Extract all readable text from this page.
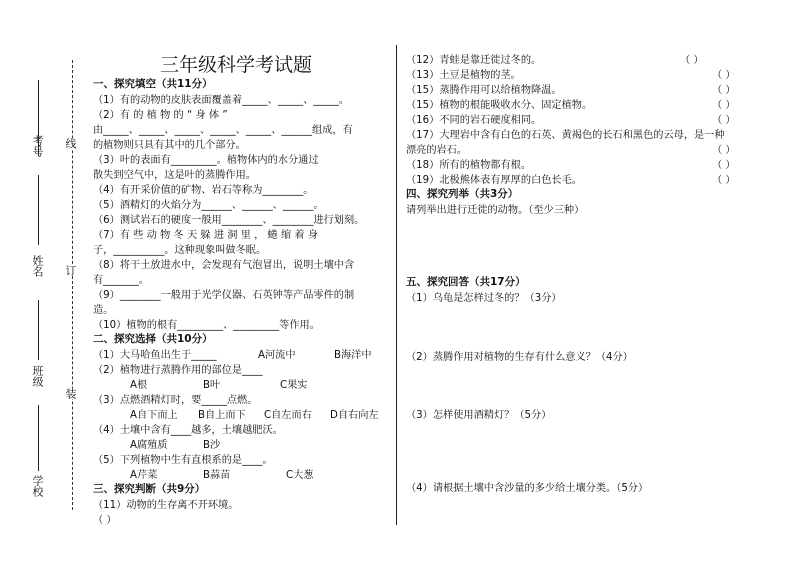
考号
姓名
班级
学校
线
订
装
三年级科学考试题
一、探究填空（共11分）
（1）有的动物的皮肤表面覆盖着_____、_____、_____。
（2）有 的 植 物 的 “ 身 体 ”
由_____、_____、_____、_____、_____、______组成，有
的植物则只具有其中的几个部分。
（3）叶的表面有_________。植物体内的水分通过
散失到空气中，这是叶的蒸腾作用。
（4）有开采价值的矿物、岩石等称为________。
（5）酒精灯的火焰分为______、______、______。
（6）测试岩石的硬度一般用________、________进行划刻。
（7）有 些 动 物 冬 天 躲 进 洞 里 ， 蜷 缩 着 身
子，__________。这种现象叫做冬眠。
（8）将干土放进水中，会发现有气泡冒出，说明土壤中含
有_______。
（9）________一般用于光学仪器、石英钟等产品零件的制
造。
（10）植物的根有_________、_________等作用。
二、探究选择（共10分）
（1）大马哈鱼出生于_____	A河流中	B海洋中
（2）植物进行蒸腾作用的部位是____
A根	B叶	C果实
（3）点燃酒精灯时，要_____点燃。
A自下而上 B自上而下 C自左而右 D自右向左
（4）土壤中含有____越多，土壤越肥沃。
A腐殖质	B沙
（5）下列植物中生有直根系的是____。
A芹菜	B蒜苗	C大葱
三、探究判断（共9分）
（11）动物的生存离不开环境。
（ ）
（12）青蛙是靠迁徙过冬的。	（ ）
（13）土豆是植物的茎。	（ ）
（15）蒸腾作用可以给植物降温。	（ ）
（15）植物的根能吸收水分、固定植物。	（ ）
（16）不同的岩石硬度相同。	（ ）
（17）大理岩中含有白色的石英、黄褐色的长石和黑色的云母，是一种
漂亮的岩石。	（ ）
（18）所有的植物都有根。	（ ）
（19）北极熊体表有厚厚的白色长毛。	（ ）
四、探究列举（共3分）
请列举出进行迁徙的动物。（至少三种）
五、探究回答（共17分）
（1）乌龟是怎样过冬的？（3分）
（2）蒸腾作用对植物的生存有什么意义？（4分）
（3）怎样使用酒精灯？（5分）
（4）请根据土壤中含沙量的多少给土壤分类。（5分）
